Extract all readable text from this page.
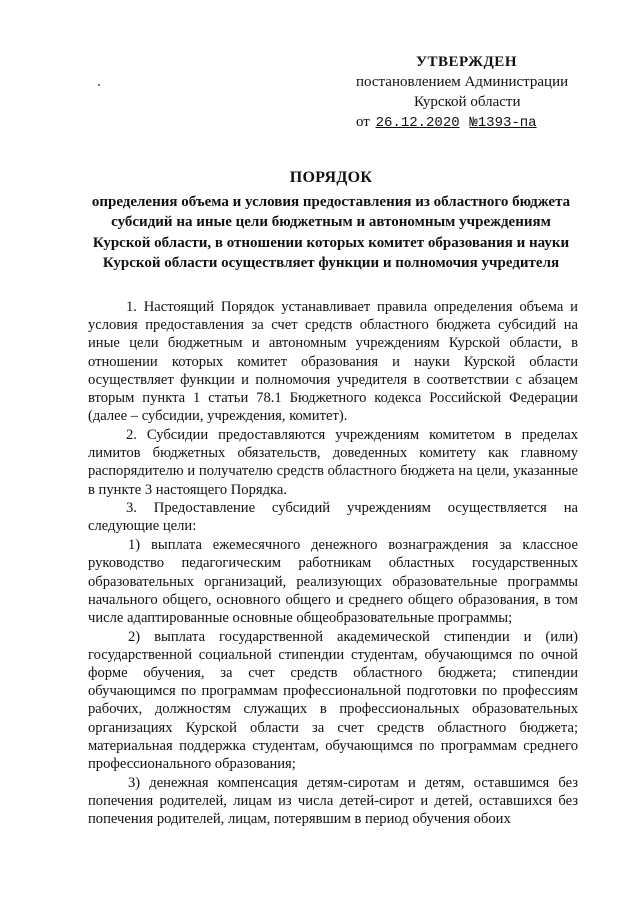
УТВЕРЖДЕН
постановлением Администрации
Курской области
от 26.12.2020 №1393-па
ПОРЯДОК
определения объема и условия предоставления из областного бюджета субсидий на иные цели бюджетным и автономным учреждениям Курской области, в отношении которых комитет образования и науки Курской области осуществляет функции и полномочия учредителя

1. Настоящий Порядок устанавливает правила определения объема и условия предоставления за счет средств областного бюджета субсидий на иные цели бюджетным и автономным учреждениям Курской области, в отношении которых комитет образования и науки Курской области осуществляет функции и полномочия учредителя в соответствии с абзацем вторым пункта 1 статьи 78.1 Бюджетного кодекса Российской Федерации (далее – субсидии, учреждения, комитет).

2. Субсидии предоставляются учреждениям комитетом в пределах лимитов бюджетных обязательств, доведенных комитету как главному распорядителю и получателю средств областного бюджета на цели, указанные в пункте 3 настоящего Порядка.

3. Предоставление субсидий учреждениям осуществляется на следующие цели:

1) выплата ежемесячного денежного вознаграждения за классное руководство педагогическим работникам областных государственных образовательных организаций, реализующих образовательные программы начального общего, основного общего и среднего общего образования, в том числе адаптированные основные общеобразовательные программы;

2) выплата государственной академической стипендии и (или) государственной социальной стипендии студентам, обучающимся по очной форме обучения, за счет средств областного бюджета; стипендии обучающимся по программам профессиональной подготовки по профессиям рабочих, должностям служащих в профессиональных образовательных организациях Курской области за счет средств областного бюджета; материальная поддержка студентам, обучающимся по программам среднего профессионального образования;

3) денежная компенсация детям-сиротам и детям, оставшимся без попечения родителей, лицам из числа детей-сирот и детей, оставшихся без попечения родителей, лицам, потерявшим в период обучения обоих
